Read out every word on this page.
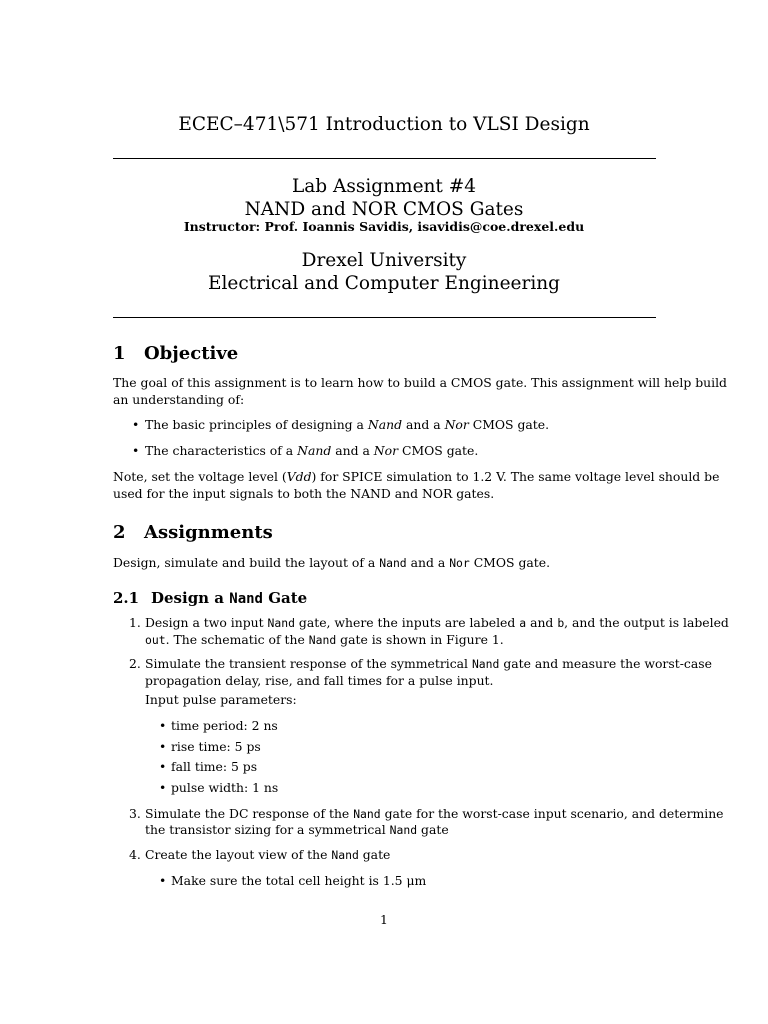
ECEC–471\571 Introduction to VLSI Design
Lab Assignment #4
NAND and NOR CMOS Gates
Instructor: Prof. Ioannis Savidis, isavidis@coe.drexel.edu
Drexel University
Electrical and Computer Engineering
1 Objective
The goal of this assignment is to learn how to build a CMOS gate. This assignment will help build
an understanding of:
• The basic principles of designing a Nand and a Nor CMOS gate.
• The characteristics of a Nand and a Nor CMOS gate.
Note, set the voltage level (Vdd) for SPICE simulation to 1.2 V. The same voltage level should be
used for the input signals to both the NAND and NOR gates.
2 Assignments
Design, simulate and build the layout of a Nand and a Nor CMOS gate.
2.1 Design a Nand Gate
1. Design a two input Nand gate, where the inputs are labeled a and b, and the output is labeled
out. The schematic of the Nand gate is shown in Figure 1.
2. Simulate the transient response of the symmetrical Nand gate and measure the worst-case
propagation delay, rise, and fall times for a pulse input.
Input pulse parameters:
• time period: 2 ns
• rise time: 5 ps
• fall time: 5 ps
• pulse width: 1 ns
3. Simulate the DC response of the Nand gate for the worst-case input scenario, and determine
the transistor sizing for a symmetrical Nand gate
4. Create the layout view of the Nand gate
• Make sure the total cell height is 1.5 μm
1
